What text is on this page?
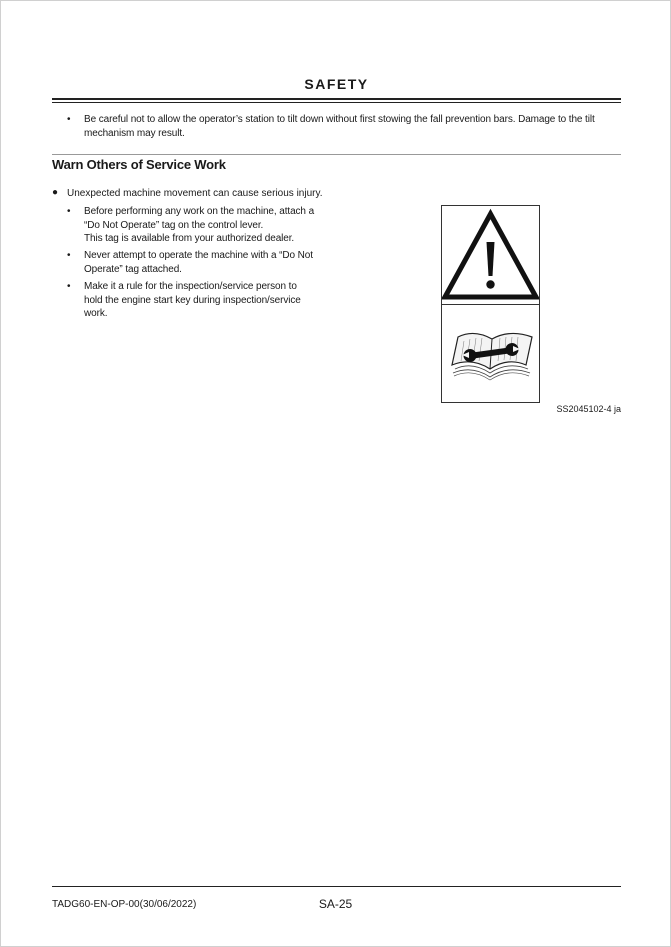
SAFETY
• Be careful not to allow the operator’s station to tilt down without first stowing the fall prevention bars. Damage to the tilt mechanism may result.
Warn Others of Service Work
● Unexpected machine movement can cause serious injury.
• Before performing any work on the machine, attach a
“Do Not Operate” tag on the control lever.
This tag is available from your authorized dealer.
• Never attempt to operate the machine with a “Do Not
Operate” tag attached.
• Make it a rule for the inspection/service person to
hold the engine start key during inspection/service
work.
SS2045102-4 ja
TADG60-EN-OP-00(30/06/2022)	SA-25
